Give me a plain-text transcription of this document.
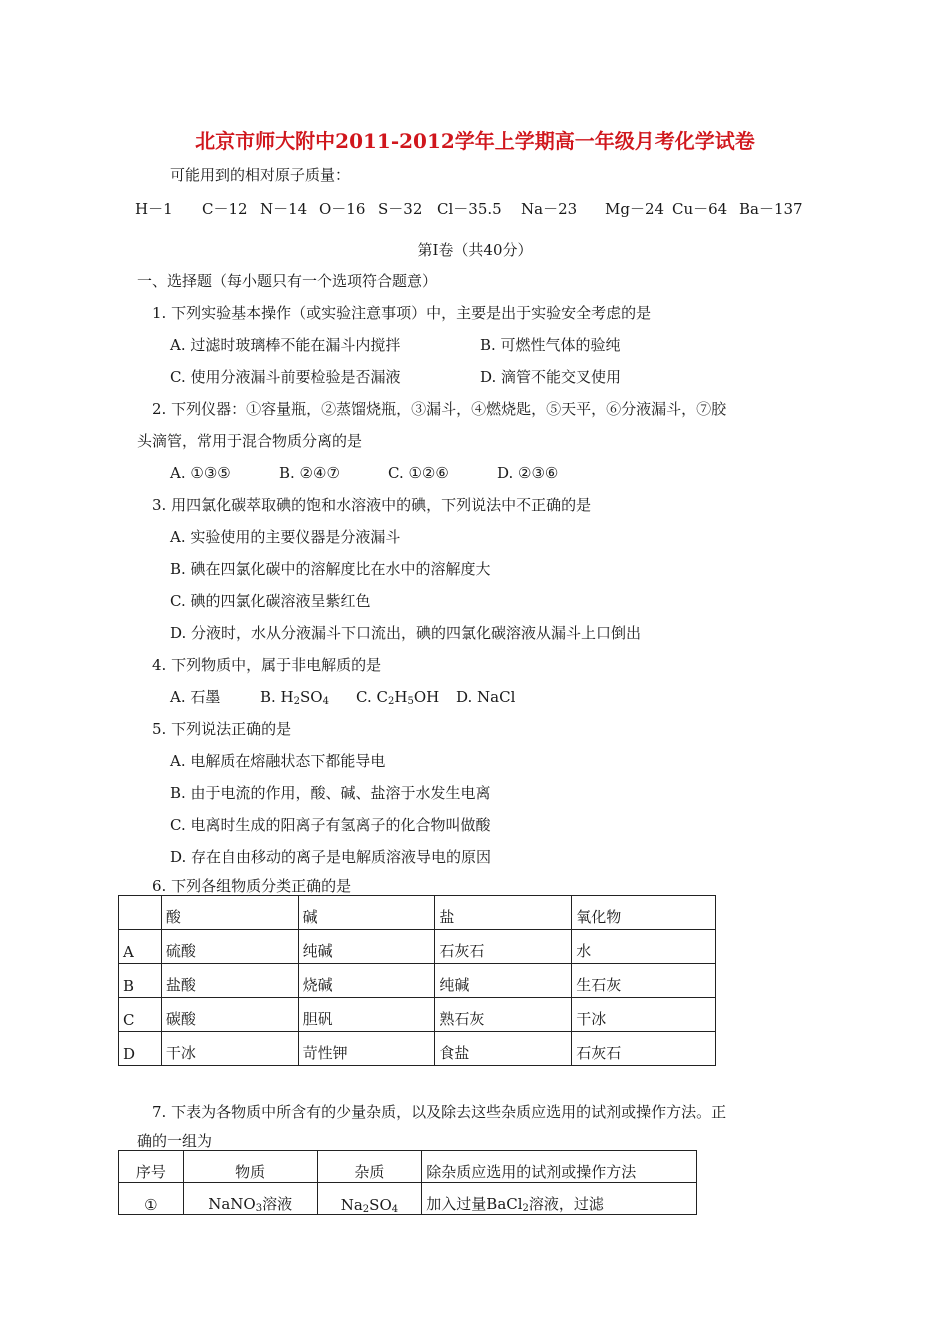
北京市师大附中2011-2012学年上学期高一年级月考化学试卷
可能用到的相对原子质量：
H－1 C－12 N－14 O－16 S－32 Cl－35.5 Na－23 Mg－24 Cu－64 Ba－137
第Ⅰ卷（共40分）
一、选择题（每小题只有一个选项符合题意）
1. 下列实验基本操作（或实验注意事项）中，主要是出于实验安全考虑的是
A. 过滤时玻璃棒不能在漏斗内搅拌	B. 可燃性气体的验纯
C. 使用分液漏斗前要检验是否漏液	D. 滴管不能交叉使用
2. 下列仪器：①容量瓶，②蒸馏烧瓶，③漏斗，④燃烧匙，⑤天平，⑥分液漏斗，⑦胶
头滴管，常用于混合物质分离的是
A. ①③⑤	B. ②④⑦	C. ①②⑥	D. ②③⑥
3. 用四氯化碳萃取碘的饱和水溶液中的碘，下列说法中不正确的是
A. 实验使用的主要仪器是分液漏斗
B. 碘在四氯化碳中的溶解度比在水中的溶解度大
C. 碘的四氯化碳溶液呈紫红色
D. 分液时，水从分液漏斗下口流出，碘的四氯化碳溶液从漏斗上口倒出
4. 下列物质中，属于非电解质的是
A. 石墨	B. $H_2SO_4$ C. $C_2H_5OH$ D. NaCl
5. 下列说法正确的是
A. 电解质在熔融状态下都能导电
B. 由于电流的作用，酸、碱、盐溶于水发生电离
C. 电离时生成的阳离子有氢离子的化合物叫做酸
D. 存在自由移动的离子是电解质溶液导电的原因
6. 下列各组物质分类正确的是
	酸	碱	盐	氧化物
A	硫酸	纯碱	石灰石	水
B	盐酸	烧碱	纯碱	生石灰
C	碳酸	胆矾	熟石灰	干冰
D	干冰	苛性钾	食盐	石灰石
7. 下表为各物质中所含有的少量杂质，以及除去这些杂质应选用的试剂或操作方法。正
确的一组为
序号	物质	杂质	除杂质应选用的试剂或操作方法
①	NaNO$_3$溶液	$Na_2SO_4$	加入过量BaCl$_2$溶液，过滤
